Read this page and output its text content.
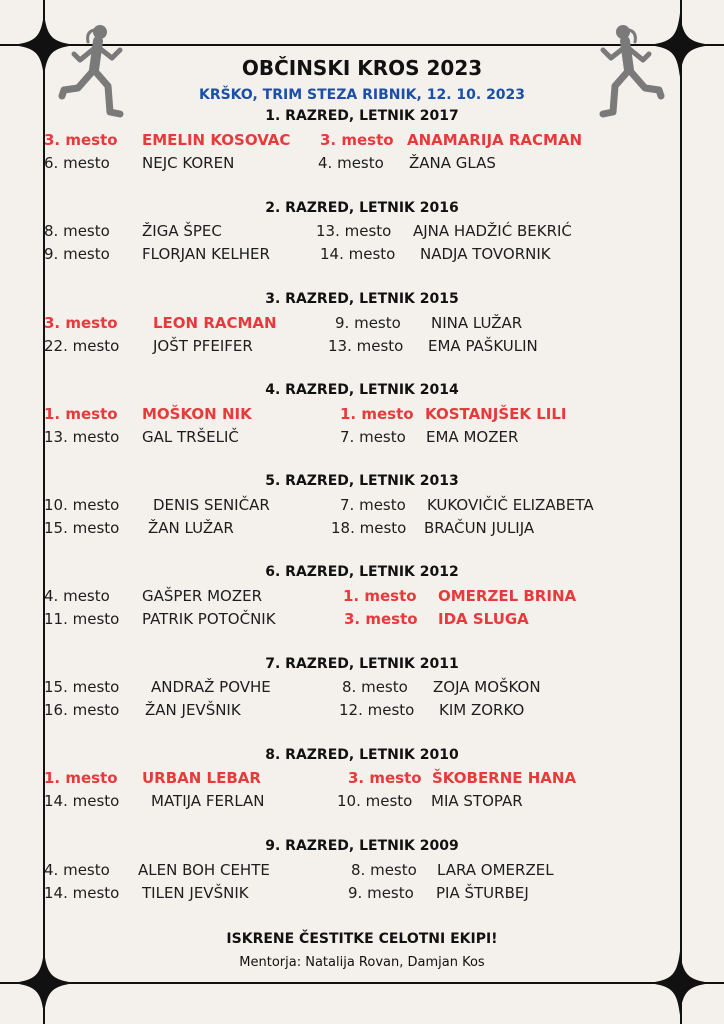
OBČINSKI KROS 2023
KRŠKO, TRIM STEZA RIBNIK, 12. 10. 2023
1. RAZRED, LETNIK 2017
3. mesto EMELIN KOSOVAC 3. mesto ANAMARIJA RACMAN
6. mesto NEJC KOREN	4. mesto ŽANA GLAS
2. RAZRED, LETNIK 2016
8. mesto ŽIGA ŠPEC	13. mesto AJNA HADŽIĆ BEKRIĆ
9. mesto FLORJAN KELHER	14. mesto NADJA TOVORNIK
3. RAZRED, LETNIK 2015
3. mesto LEON RACMAN	9. mesto NINA LUŽAR
22. mesto JOŠT PFEIFER	13. mesto EMA PAŠKULIN
4. RAZRED, LETNIK 2014
1. mesto MOŠKON NIK	1. mesto KOSTANJŠEK LILI
13. mesto GAL TRŠELIČ	7. mesto EMA MOZER
5. RAZRED, LETNIK 2013
10. mesto DENIS SENIČAR	7. mesto KUKOVIČIČ ELIZABETA
15. mesto ŽAN LUŽAR	18. mesto BRAČUN JULIJA
6. RAZRED, LETNIK 2012
4. mesto GAŠPER MOZER	1. mesto OMERZEL BRINA
11. mesto PATRIK POTOČNIK	3. mesto IDA SLUGA
7. RAZRED, LETNIK 2011
15. mesto ANDRAŽ POVHE	8. mesto ZOJA MOŠKON
16. mesto ŽAN JEVŠNIK	12. mesto KIM ZORKO
8. RAZRED, LETNIK 2010
1. mesto URBAN LEBAR	3. mesto ŠKOBERNE HANA
14. mesto MATIJA FERLAN	10. mesto MIA STOPAR
9. RAZRED, LETNIK 2009
4. mesto ALEN BOH CEHTE	8. mesto LARA OMERZEL
14. mesto TILEN JEVŠNIK	9. mesto PIA ŠTURBEJ
ISKRENE ČESTITKE CELOTNI EKIPI!
Mentorja: Natalija Rovan, Damjan Kos
